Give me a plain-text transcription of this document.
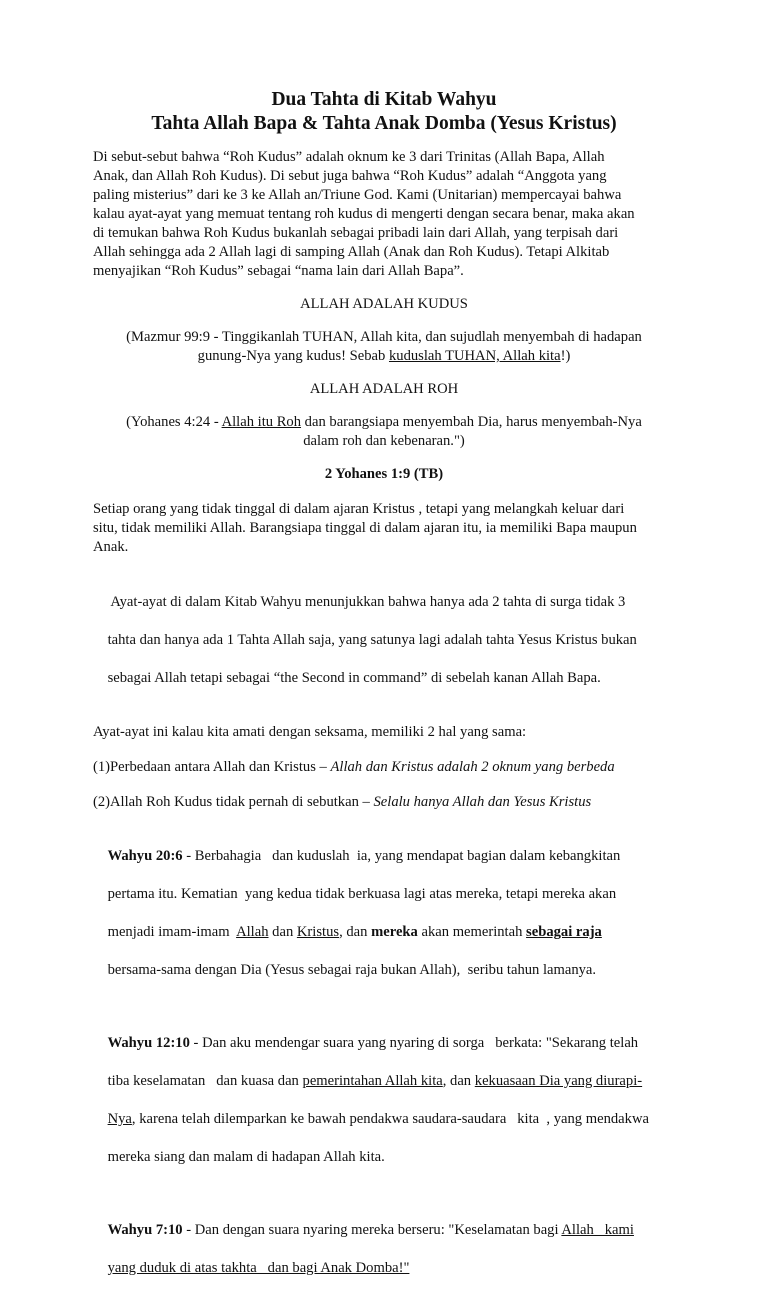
Dua Tahta di Kitab Wahyu
Tahta Allah Bapa & Tahta Anak Domba (Yesus Kristus)

Di sebut-sebut bahwa “Roh Kudus” adalah oknum ke 3 dari Trinitas (Allah Bapa, Allah
Anak, dan Allah Roh Kudus). Di sebut juga bahwa “Roh Kudus” adalah “Anggota yang
paling misterius” dari ke 3 ke Allah an/Triune God. Kami (Unitarian) mempercayai bahwa
kalau ayat-ayat yang memuat tentang roh kudus di mengerti dengan secara benar, maka akan
di temukan bahwa Roh Kudus bukanlah sebagai pribadi lain dari Allah, yang terpisah dari
Allah sehingga ada 2 Allah lagi di samping Allah (Anak dan Roh Kudus). Tetapi Alkitab
menyajikan “Roh Kudus” sebagai “nama lain dari Allah Bapa”.

ALLAH ADALAH KUDUS

(Mazmur 99:9 - Tinggikanlah TUHAN, Allah kita, dan sujudlah menyembah di hadapan
gunung-Nya yang kudus! Sebab kuduslah TUHAN, Allah kita!)

ALLAH ADALAH ROH

(Yohanes 4:24 - Allah itu Roh dan barangsiapa menyembah Dia, harus menyembah-Nya
dalam roh dan kebenaran.")

2 Yohanes 1:9 (TB)

Setiap orang yang tidak tinggal di dalam ajaran Kristus , tetapi yang melangkah keluar dari
situ, tidak memiliki Allah. Barangsiapa tinggal di dalam ajaran itu, ia memiliki Bapa maupun
Anak.

Ayat-ayat di dalam Kitab Wahyu menunjukkan bahwa hanya ada 2 tahta di surga tidak 3

tahta dan hanya ada 1 Tahta Allah saja, yang satunya lagi adalah tahta Yesus Kristus bukan

sebagai Allah tetapi sebagai “the Second in command” di sebelah kanan Allah Bapa.

Ayat-ayat ini kalau kita amati dengan seksama, memiliki 2 hal yang sama:

(1)Perbedaan antara Allah dan Kristus – Allah dan Kristus adalah 2 oknum yang berbeda

(2)Allah Roh Kudus tidak pernah di sebutkan – Selalu hanya Allah dan Yesus Kristus

Wahyu 20:6 - Berbahagia   dan kuduslah  ia, yang mendapat bagian dalam kebangkitan

pertama itu. Kematian  yang kedua tidak berkuasa lagi atas mereka, tetapi mereka akan

menjadi imam-imam  Allah dan Kristus, dan mereka akan memerintah sebagai raja

bersama-sama dengan Dia (Yesus sebagai raja bukan Allah),  seribu tahun lamanya.

Wahyu 12:10 - Dan aku mendengar suara yang nyaring di sorga   berkata: "Sekarang telah

tiba keselamatan   dan kuasa dan pemerintahan Allah kita, dan kekuasaan Dia yang diurapi-

Nya, karena telah dilemparkan ke bawah pendakwa saudara-saudara   kita  , yang mendakwa

mereka siang dan malam di hadapan Allah kita.

Wahyu 7:10 - Dan dengan suara nyaring mereka berseru: "Keselamatan bagi Allah   kami

yang duduk di atas takhta   dan bagi Anak Domba!"
